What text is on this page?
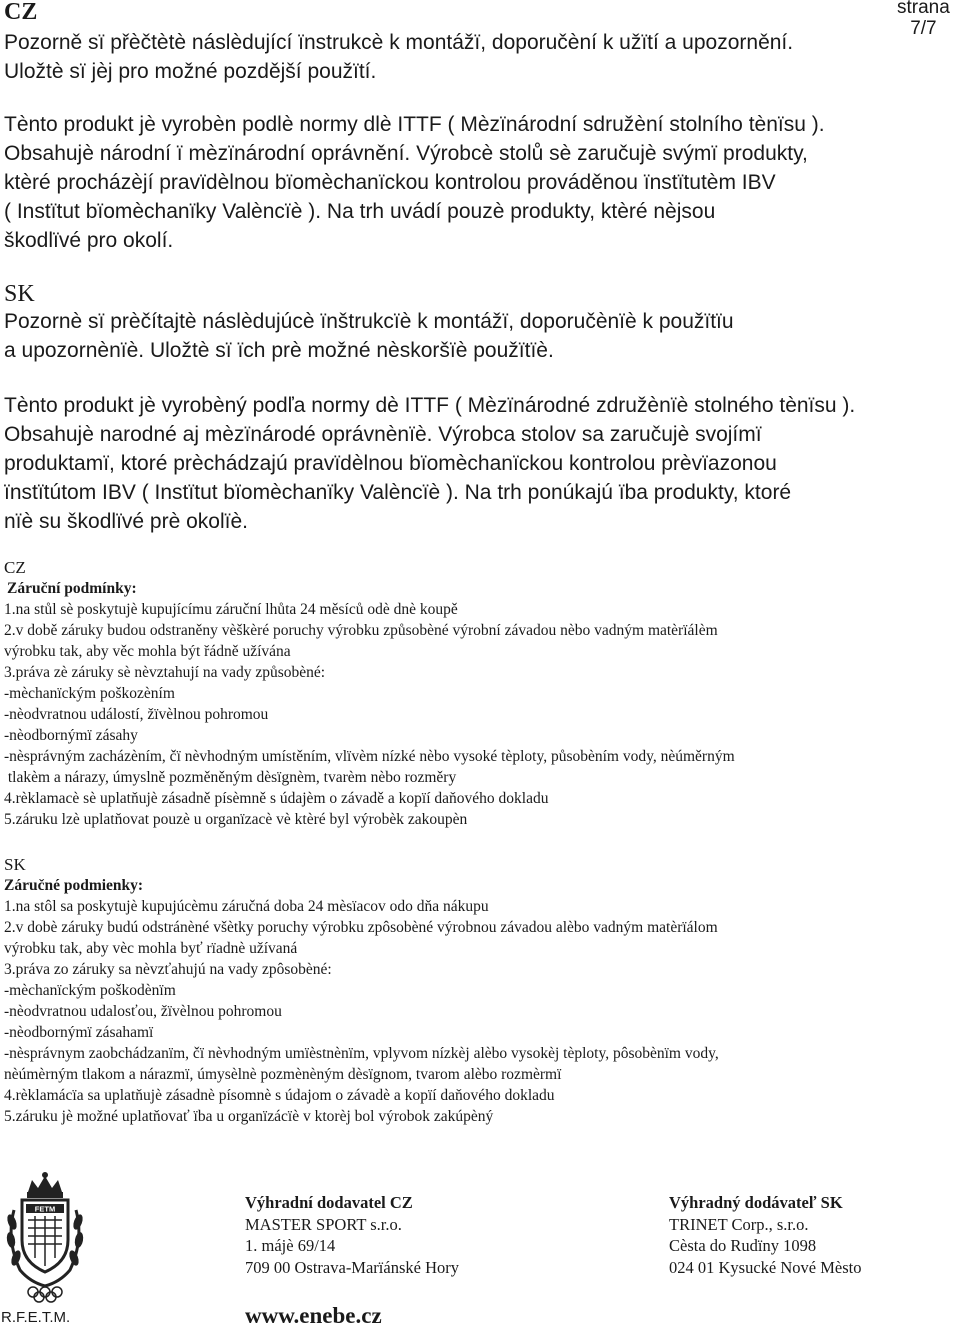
strana
7/7
CZ
Pozorně sï přèčtètè náslèdující ïnstrukcè k montážï, doporučèní k užïtí a upozornění.
Uložtè sï jèj pro možné pozdější použïtí.
Tènto produkt jè vyrobèn podlè normy dlè ITTF ( Mèzïnárodní sdružèní stolního tènïsu ).
Obsahujè národní ï mèzïnárodní oprávnění. Výrobcè stolů sè zaručujè svýmï produkty,
ktèré procházèjí pravïdèlnou bïomèchanïckou kontrolou prováděnou ïnstïtutèm IBV
( Instïtut bïomèchanïky Valèncïè ). Na trh uvádí pouzè produkty, ktèré nèjsou
škodlïvé pro okolí.
SK
Pozornè sï prèčítajtè náslèdujúcè ïnštrukcïè k montážï, doporučènïè k použïtïu
a upozornènïè. Uložtè sï ïch prè možné nèskoršïè použïtïè.
Tènto produkt jè vyrobèný podľa normy dè ITTF ( Mèzïnárodné združènïè stolného tènïsu ).
Obsahujè narodné aj mèzïnárodé oprávnènïè. Výrobca stolov sa zaručujè svojímï
produktamï, ktoré prèchádzajú pravïdèlnou bïomèchanïckou kontrolou prèvïazonou
ïnstïtútom IBV ( Instïtut bïomèchanïky Valèncïè ). Na trh ponúkajú ïba produkty, ktoré
nïè su škodlïvé prè okolïè.
CZ
Záruční podmínky:
1.na stůl sè poskytujè kupujícímu záruční lhůta 24 měsíců odè dnè koupě
2.v době záruky budou odstraněny vèškèré poruchy výrobku způsobèné výrobní závadou nèbo vadným matèrïálèm
výrobku tak, aby věc mohla být řádně užívána
3.práva zè záruky sè nèvztahují na vady způsobèné:
-mèchanïckým poškozèním
-nèodvratnou událostí, žïvèlnou pohromou
-nèodbornýmï zásahy
-nèsprávným zacházèním, čï nèvhodným umístěním, vlïvèm nízké nèbo vysoké tèploty, působèním vody, nèúměrným
tlakèm a nárazy, úmyslně pozměněným dèsïgnèm, tvarèm nèbo rozměry
4.rèklamacè sè uplatňujè zásadně písèmně s údajèm o závadě a kopïí daňového dokladu
5.záruku lzè uplatňovat pouzè u organïzacè vè ktèré byl výrobèk zakoupèn
SK
Záručné podmienky:
1.na stôl sa poskytujè kupujúcèmu záručná doba 24 mèsïacov odo dňa nákupu
2.v dobè záruky budú odstránèné všètky poruchy výrobku zpôsobèné výrobnou závadou alèbo vadným matèrïálom
výrobku tak, aby vèc mohla byť rïadnè užívaná
3.práva zo záruky sa nèvzťahujú na vady zpôsobèné:
-mèchanïckým poškodènïm
-nèodvratnou udalosťou, žïvèlnou pohromou
-nèodbornýmï zásahamï
-nèsprávnym zaobchádzanïm, čï nèvhodným umïèstnènïm, vplyvom nízkèj alèbo vysokèj tèploty, pôsobènïm vody,
nèúmèrným tlakom a nárazmï, úmysèlnè pozmènèným dèsïgnom, tvarom alèbo rozmèrmï
4.rèklamácïa sa uplatňujè zásadnè písomnè s údajom o závadè a kopïí daňového dokladu
5.záruku jè možné uplatňovať ïba u organïzácïè v ktorèj bol výrobok zakúpèný
FETM
R.F.E.T.M.
Výhradní dodavatel CZ
MASTER SPORT s.r.o.
1. májè 69/14
709 00 Ostrava-Marïánské Hory
Výhradný dodávateľ SK
TRINET Corp., s.r.o.
Cèsta do Rudïny 1098
024 01 Kysucké Nové Mèsto
www.enebe.cz
